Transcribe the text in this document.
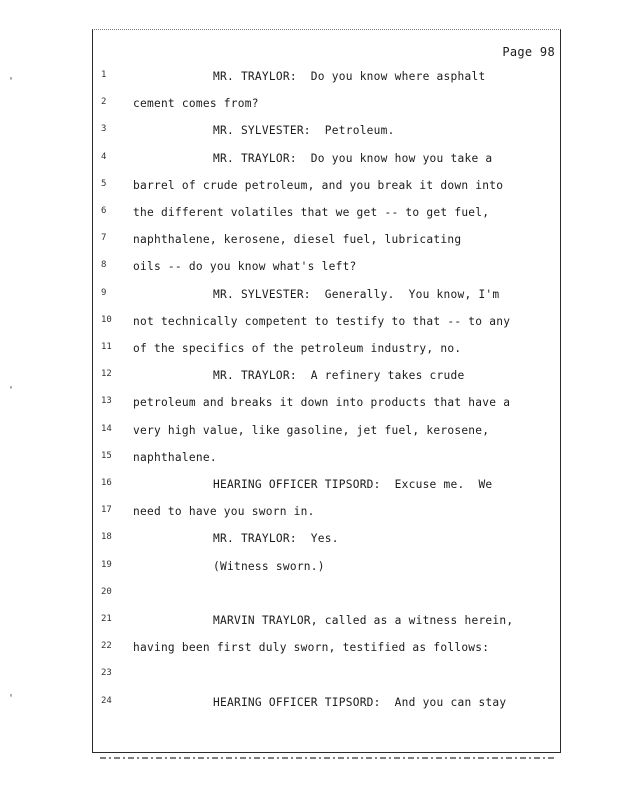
Page 98
1	MR. TRAYLOR:  Do you know where asphalt
2	cement comes from?
3	MR. SYLVESTER:  Petroleum.
4	MR. TRAYLOR:  Do you know how you take a
5	barrel of crude petroleum, and you break it down into
6	the different volatiles that we get -- to get fuel,
7	naphthalene, kerosene, diesel fuel, lubricating
8	oils -- do you know what's left?
9	MR. SYLVESTER:  Generally.  You know, I'm
10	not technically competent to testify to that -- to any
11	of the specifics of the petroleum industry, no.
12	MR. TRAYLOR:  A refinery takes crude
13	petroleum and breaks it down into products that have a
14	very high value, like gasoline, jet fuel, kerosene,
15	naphthalene.
16	HEARING OFFICER TIPSORD:  Excuse me.  We
17	need to have you sworn in.
18	MR. TRAYLOR:  Yes.
19	(Witness sworn.)
20
21	MARVIN TRAYLOR, called as a witness herein,
22	having been first duly sworn, testified as follows:
23
24	HEARING OFFICER TIPSORD:  And you can stay
'
'
'
